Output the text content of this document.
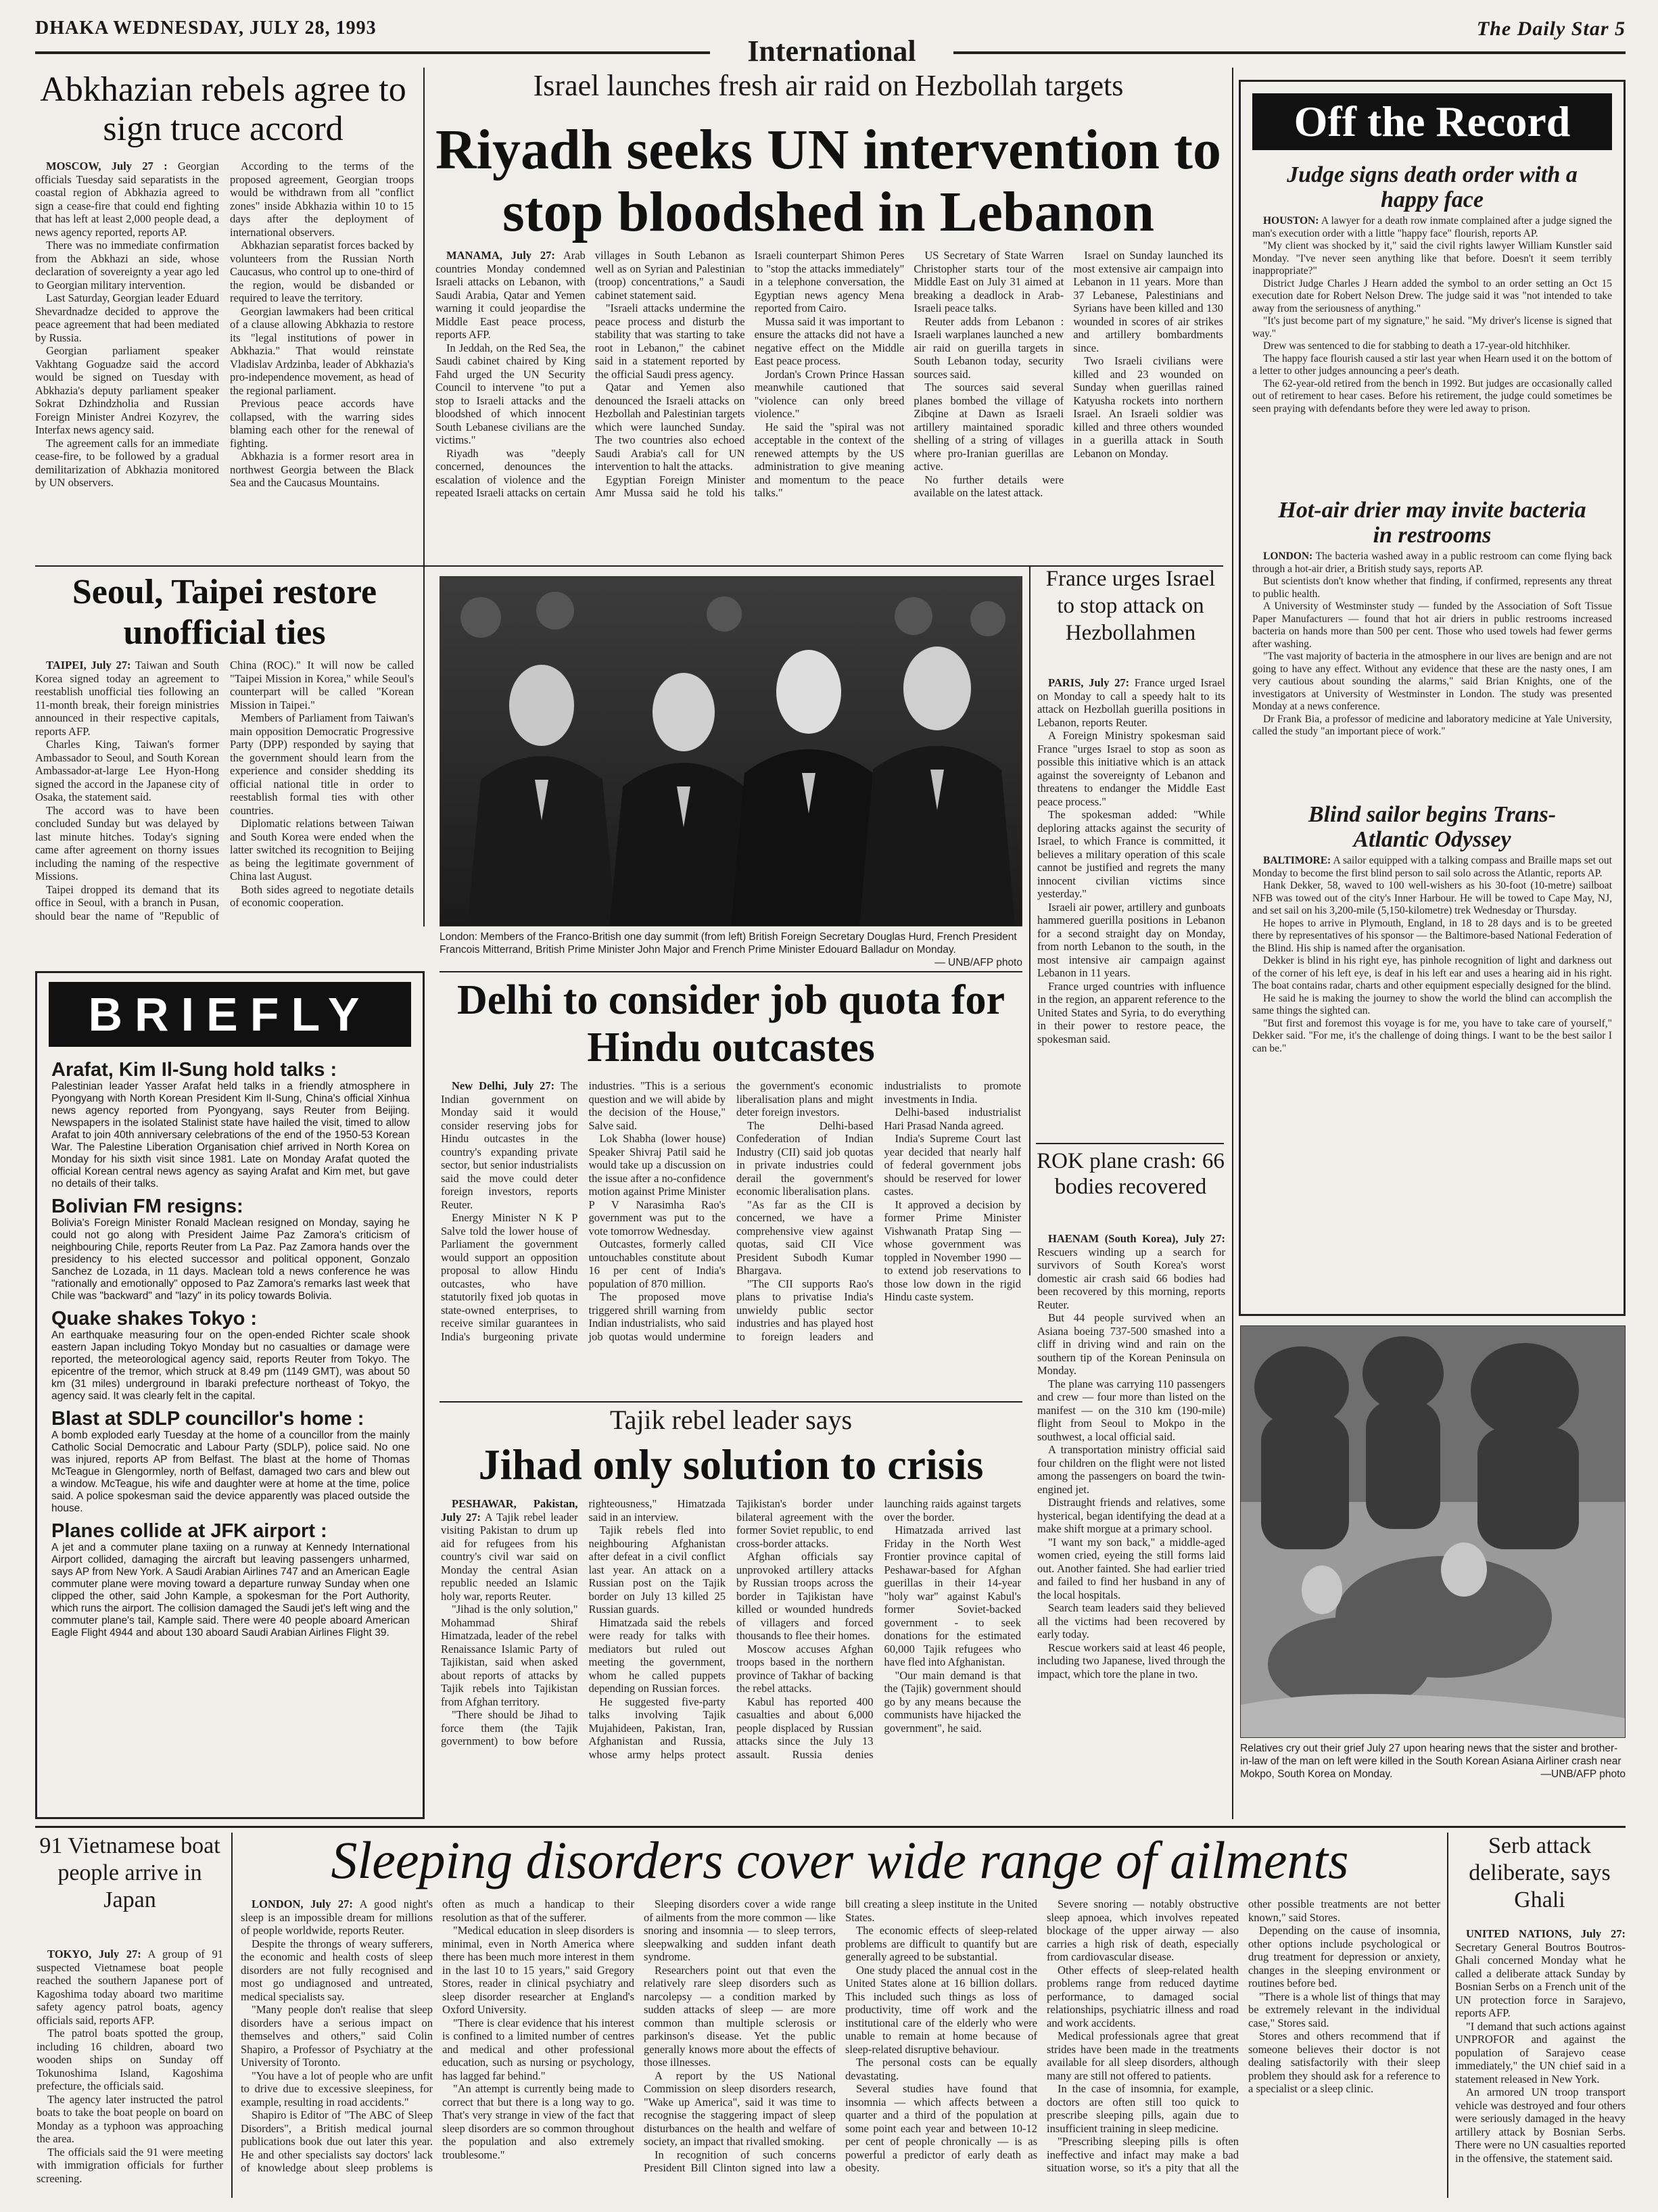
DHAKA WEDNESDAY, JULY 28, 1993
International
The Daily Star 5
Abkhazian rebels agree to sign truce accord

MOSCOW, July 27 : Georgian officials Tuesday said separatists in the coastal region of Abkhazia agreed to sign a cease-fire that could end fighting that has left at least 2,000 people dead, a news agency reported, reports AP.

There was no immediate confirmation from the Abkhazi an side, whose declaration of sovereignty a year ago led to Georgian military intervention.

Last Saturday, Georgian leader Eduard Shevardnadze decided to approve the peace agreement that had been mediated by Russia.

Georgian parliament speaker Vakhtang Goguadze said the accord would be signed on Tuesday with Abkhazia's deputy parliament speaker Sokrat Dzhindzholia and Russian Foreign Minister Andrei Kozyrev, the Interfax news agency said.

The agreement calls for an immediate cease-fire, to be followed by a gradual demilitarization of Abkhazia monitored by UN observers.

According to the terms of the proposed agreement, Georgian troops would be withdrawn from all "conflict zones" inside Abkhazia within 10 to 15 days after the deployment of international observers.

Abkhazian separatist forces backed by volunteers from the Russian North Caucasus, who control up to one-third of the region, would be disbanded or required to leave the territory.

Georgian lawmakers had been critical of a clause allowing Abkhazia to restore its "legal institutions of power in Abkhazia." That would reinstate Vladislav Ardzinba, leader of Abkhazia's pro-independence movement, as head of the regional parliament.

Previous peace accords have collapsed, with the warring sides blaming each other for the renewal of fighting.

Abkhazia is a former resort area in northwest Georgia between the Black Sea and the Caucasus Mountains.

Israel launches fresh air raid on Hezbollah targets
Riyadh seeks UN intervention to stop bloodshed in Lebanon

MANAMA, July 27: Arab countries Monday condemned Israeli attacks on Lebanon, with Saudi Arabia, Qatar and Yemen warning it could jeopardise the Middle East peace process, reports AFP.

In Jeddah, on the Red Sea, the Saudi cabinet chaired by King Fahd urged the UN Security Council to intervene "to put a stop to Israeli attacks and the bloodshed of which innocent South Lebanese civilians are the victims."

Riyadh was "deeply concerned, denounces the escalation of violence and the repeated Israeli attacks on certain villages in South Lebanon as well as on Syrian and Palestinian (troop) concentrations," a Saudi cabinet statement said.

"Israeli attacks undermine the peace process and disturb the stability that was starting to take root in Lebanon," the cabinet said in a statement reported by the official Saudi press agency.

Qatar and Yemen also denounced the Israeli attacks on Hezbollah and Palestinian targets which were launched Sunday. The two countries also echoed Saudi Arabia's call for UN intervention to halt the attacks.

Egyptian Foreign Minister Amr Mussa said he told his Israeli counterpart Shimon Peres to "stop the attacks immediately" in a telephone conversation, the Egyptian news agency Mena reported from Cairo.

Mussa said it was important to ensure the attacks did not have a negative effect on the Middle East peace process.

Jordan's Crown Prince Hassan meanwhile cautioned that "violence can only breed violence."

He said the "spiral was not acceptable in the context of the renewed attempts by the US administration to give meaning and momentum to the peace talks."

US Secretary of State Warren Christopher starts tour of the Middle East on July 31 aimed at breaking a deadlock in Arab-Israeli peace talks.

Reuter adds from Lebanon : Israeli warplanes launched a new air raid on guerilla targets in South Lebanon today, security sources said.

The sources said several planes bombed the village of Zibqine at Dawn as Israeli artillery maintained sporadic shelling of a string of villages where pro-Iranian guerillas are active.

No further details were available on the latest attack.

Israel on Sunday launched its most extensive air campaign into Lebanon in 11 years. More than 37 Lebanese, Palestinians and Syrians have been killed and 130 wounded in scores of air strikes and artillery bombardments since.

Two Israeli civilians were killed and 23 wounded on Sunday when guerillas rained Katyusha rockets into northern Israel. An Israeli soldier was killed and three others wounded in a guerilla attack in South Lebanon on Monday.

Off the Record
Judge signs death order with a happy face

HOUSTON: A lawyer for a death row inmate complained after a judge signed the man's execution order with a little "happy face" flourish, reports AP.

"My client was shocked by it," said the civil rights lawyer William Kunstler said Monday. "I've never seen anything like that before. Doesn't it seem terribly inappropriate?"

District Judge Charles J Hearn added the symbol to an order setting an Oct 15 execution date for Robert Nelson Drew. The judge said it was "not intended to take away from the seriousness of anything."

"It's just become part of my signature," he said. "My driver's license is signed that way."

Drew was sentenced to die for stabbing to death a 17-year-old hitchhiker.

The happy face flourish caused a stir last year when Hearn used it on the bottom of a letter to other judges announcing a peer's death.

The 62-year-old retired from the bench in 1992. But judges are occasionally called out of retirement to hear cases. Before his retirement, the judge could sometimes be seen praying with defendants before they were led away to prison.

Hot-air drier may invite bacteria in restrooms

LONDON: The bacteria washed away in a public restroom can come flying back through a hot-air drier, a British study says, reports AP.

But scientists don't know whether that finding, if confirmed, represents any threat to public health.

A University of Westminster study — funded by the Association of Soft Tissue Paper Manufacturers — found that hot air driers in public restrooms increased bacteria on hands more than 500 per cent. Those who used towels had fewer germs after washing.

"The vast majority of bacteria in the atmosphere in our lives are benign and are not going to have any effect. Without any evidence that these are the nasty ones, I am very cautious about sounding the alarms," said Brian Knights, one of the investigators at University of Westminster in London. The study was presented Monday at a news conference.

Dr Frank Bia, a professor of medicine and laboratory medicine at Yale University, called the study "an important piece of work."

Blind sailor begins Trans-Atlantic Odyssey

BALTIMORE: A sailor equipped with a talking compass and Braille maps set out Monday to become the first blind person to sail solo across the Atlantic, reports AP.

Hank Dekker, 58, waved to 100 well-wishers as his 30-foot (10-metre) sailboat NFB was towed out of the city's Inner Harbour. He will be towed to Cape May, NJ, and set sail on his 3,200-mile (5,150-kilometre) trek Wednesday or Thursday.

He hopes to arrive in Plymouth, England, in 18 to 28 days and is to be greeted there by representatives of his sponsor — the Baltimore-based National Federation of the Blind. His ship is named after the organisation.

Dekker is blind in his right eye, has pinhole recognition of light and darkness out of the corner of his left eye, is deaf in his left ear and uses a hearing aid in his right. The boat contains radar, charts and other equipment especially designed for the blind.

He said he is making the journey to show the world the blind can accomplish the same things the sighted can.

"But first and foremost this voyage is for me, you have to take care of yourself," Dekker said. "For me, it's the challenge of doing things. I want to be the best sailor I can be."

Seoul, Taipei restore unofficial ties

TAIPEI, July 27: Taiwan and South Korea signed today an agreement to reestablish unofficial ties following an 11-month break, their foreign ministries announced in their respective capitals, reports AFP.

Charles King, Taiwan's former Ambassador to Seoul, and South Korean Ambassador-at-large Lee Hyon-Hong signed the accord in the Japanese city of Osaka, the statement said.

The accord was to have been concluded Sunday but was delayed by last minute hitches. Today's signing came after agreement on thorny issues including the naming of the respective Missions.

Taipei dropped its demand that its office in Seoul, with a branch in Pusan, should bear the name of "Republic of China (ROC)." It will now be called "Taipei Mission in Korea," while Seoul's counterpart will be called "Korean Mission in Taipei."

Members of Parliament from Taiwan's main opposition Democratic Progressive Party (DPP) responded by saying that the government should learn from the experience and consider shedding its official national title in order to reestablish formal ties with other countries.

Diplomatic relations between Taiwan and South Korea were ended when the latter switched its recognition to Beijing as being the legitimate government of China last August.

Both sides agreed to negotiate details of economic cooperation.

London: Members of the Franco-British one day summit (from left) British Foreign Secretary Douglas Hurd, French President Francois Mitterrand, British Prime Minister John Major and French Prime Minister Edouard Balladur on Monday.
— UNB/AFP photo
France urges Israel to stop attack on Hezbollahmen

PARIS, July 27: France urged Israel on Monday to call a speedy halt to its attack on Hezbollah guerilla positions in Lebanon, reports Reuter.

A Foreign Ministry spokesman said France "urges Israel to stop as soon as possible this initiative which is an attack against the sovereignty of Lebanon and threatens to endanger the Middle East peace process."

The spokesman added: "While deploring attacks against the security of Israel, to which France is committed, it believes a military operation of this scale cannot be justified and regrets the many innocent civilian victims since yesterday."

Israeli air power, artillery and gunboats hammered guerilla positions in Lebanon for a second straight day on Monday, from north Lebanon to the south, in the most intensive air campaign against Lebanon in 11 years.

France urged countries with influence in the region, an apparent reference to the United States and Syria, to do everything in their power to restore peace, the spokesman said.

BRIEFLY
Arafat, Kim Il-Sung hold talks :
Palestinian leader Yasser Arafat held talks in a friendly atmosphere in Pyongyang with North Korean President Kim Il-Sung, China's official Xinhua news agency reported from Pyongyang, says Reuter from Beijing. Newspapers in the isolated Stalinist state have hailed the visit, timed to allow Arafat to join 40th anniversary celebrations of the end of the 1950-53 Korean War. The Palestine Liberation Organisation chief arrived in North Korea on Monday for his sixth visit since 1981. Late on Monday Arafat quoted the official Korean central news agency as saying Arafat and Kim met, but gave no details of their talks.
Bolivian FM resigns:
Bolivia's Foreign Minister Ronald Maclean resigned on Monday, saying he could not go along with President Jaime Paz Zamora's criticism of neighbouring Chile, reports Reuter from La Paz. Paz Zamora hands over the presidency to his elected successor and political opponent, Gonzalo Sanchez de Lozada, in 11 days. Maclean told a news conference he was "rationally and emotionally" opposed to Paz Zamora's remarks last week that Chile was "backward" and "lazy" in its policy towards Bolivia.
Quake shakes Tokyo :
An earthquake measuring four on the open-ended Richter scale shook eastern Japan including Tokyo Monday but no casualties or damage were reported, the meteorological agency said, reports Reuter from Tokyo. The epicentre of the tremor, which struck at 8.49 pm (1149 GMT), was about 50 km (31 miles) underground in Ibaraki prefecture northeast of Tokyo, the agency said. It was clearly felt in the capital.
Blast at SDLP councillor's home :
A bomb exploded early Tuesday at the home of a councillor from the mainly Catholic Social Democratic and Labour Party (SDLP), police said. No one was injured, reports AP from Belfast. The blast at the home of Thomas McTeague in Glengormley, north of Belfast, damaged two cars and blew out a window. McTeague, his wife and daughter were at home at the time, police said. A police spokesman said the device apparently was placed outside the house.
Planes collide at JFK airport :
A jet and a commuter plane taxiing on a runway at Kennedy International Airport collided, damaging the aircraft but leaving passengers unharmed, says AP from New York. A Saudi Arabian Airlines 747 and an American Eagle commuter plane were moving toward a departure runway Sunday when one clipped the other, said John Kample, a spokesman for the Port Authority, which runs the airport. The collision damaged the Saudi jet's left wing and the commuter plane's tail, Kample said. There were 40 people aboard American Eagle Flight 4944 and about 130 aboard Saudi Arabian Airlines Flight 39.
Delhi to consider job quota for Hindu outcastes

New Delhi, July 27: The Indian government on Monday said it would consider reserving jobs for Hindu outcastes in the country's expanding private sector, but senior industrialists said the move could deter foreign investors, reports Reuter.

Energy Minister N K P Salve told the lower house of Parliament the government would support an opposition proposal to allow Hindu outcastes, who have statutorily fixed job quotas in state-owned enterprises, to receive similar guarantees in India's burgeoning private industries. "This is a serious question and we will abide by the decision of the House," Salve said.

Lok Shabha (lower house) Speaker Shivraj Patil said he would take up a discussion on the issue after a no-confidence motion against Prime Minister P V Narasimha Rao's government was put to the vote tomorrow Wednesday.

Outcastes, formerly called untouchables constitute about 16 per cent of India's population of 870 million.

The proposed move triggered shrill warning from Indian industrialists, who said job quotas would undermine the government's economic liberalisation plans and might deter foreign investors.

The Delhi-based Confederation of Indian Industry (CII) said job quotas in private industries could derail the government's economic liberalisation plans.

"As far as the CII is concerned, we have a comprehensive view against quotas, said CII Vice President Subodh Kumar Bhargava.

"The CII supports Rao's plans to privatise India's unwieldy public sector industries and has played host to foreign leaders and industrialists to promote investments in India.

Delhi-based industrialist Hari Prasad Nanda agreed.

India's Supreme Court last year decided that nearly half of federal government jobs should be reserved for lower castes.

It approved a decision by former Prime Minister Vishwanath Pratap Sing — whose government was toppled in November 1990 — to extend job reservations to those low down in the rigid Hindu caste system.

ROK plane crash: 66 bodies recovered

HAENAM (South Korea), July 27: Rescuers winding up a search for survivors of South Korea's worst domestic air crash said 66 bodies had been recovered by this morning, reports Reuter.

But 44 people survived when an Asiana boeing 737-500 smashed into a cliff in driving wind and rain on the southern tip of the Korean Peninsula on Monday.

The plane was carrying 110 passengers and crew — four more than listed on the manifest — on the 310 km (190-mile) flight from Seoul to Mokpo in the southwest, a local official said.

A transportation ministry official said four children on the flight were not listed among the passengers on board the twin-engined jet.

Distraught friends and relatives, some hysterical, began identifying the dead at a make shift morgue at a primary school.

"I want my son back," a middle-aged women cried, eyeing the still forms laid out. Another fainted. She had earlier tried and failed to find her husband in any of the local hospitals.

Search team leaders said they believed all the victims had been recovered by early today.

Rescue workers said at least 46 people, including two Japanese, lived through the impact, which tore the plane in two.

Relatives cry out their grief July 27 upon hearing news that the sister and brother-in-law of the man on left were killed in the South Korean Asiana Airliner crash near Mokpo, South Korea on Monday.	—UNB/AFP photo
Tajik rebel leader says
Jihad only solution to crisis

PESHAWAR, Pakistan, July 27: A Tajik rebel leader visiting Pakistan to drum up aid for refugees from his country's civil war said on Monday the central Asian republic needed an Islamic holy war, reports Reuter.

"Jihad is the only solution," Mohammad Shiraf Himatzada, leader of the rebel Renaissance Islamic Party of Tajikistan, said when asked about reports of attacks by Tajik rebels into Tajikistan from Afghan territory.

"There should be Jihad to force them (the Tajik government) to bow before righteousness," Himatzada said in an interview.

Tajik rebels fled into neighbouring Afghanistan after defeat in a civil conflict last year. An attack on a Russian post on the Tajik border on July 13 killed 25 Russian guards.

Himatzada said the rebels were ready for talks with mediators but ruled out meeting the government, whom he called puppets depending on Russian forces.

He suggested five-party talks involving Tajik Mujahideen, Pakistan, Iran, Afghanistan and Russia, whose army helps protect Tajikistan's border under bilateral agreement with the former Soviet republic, to end cross-border attacks.

Afghan officials say unprovoked artillery attacks by Russian troops across the border in Tajikistan have killed or wounded hundreds of villagers and forced thousands to flee their homes.

Moscow accuses Afghan troops based in the northern province of Takhar of backing the rebel attacks.

Kabul has reported 400 casualties and about 6,000 people displaced by Russian attacks since the July 13 assault. Russia denies launching raids against targets over the border.

Himatzada arrived last Friday in the North West Frontier province capital of Peshawar-based for Afghan guerillas in their 14-year "holy war" against Kabul's former Soviet-backed government - to seek donations for the estimated 60,000 Tajik refugees who have fled into Afghanistan.

"Our main demand is that the (Tajik) government should go by any means because the communists have hijacked the government", he said.

91 Vietnamese boat people arrive in Japan

TOKYO, July 27: A group of 91 suspected Vietnamese boat people reached the southern Japanese port of Kagoshima today aboard two maritime safety agency patrol boats, agency officials said, reports AFP.

The patrol boats spotted the group, including 16 children, aboard two wooden ships on Sunday off Tokunoshima Island, Kagoshima prefecture, the officials said.

The agency later instructed the patrol boats to take the boat people on board on Monday as a typhoon was approaching the area.

The officials said the 91 were meeting with immigration officials for further screening.

Sleeping disorders cover wide range of ailments

LONDON, July 27: A good night's sleep is an impossible dream for millions of people worldwide, reports Reuter.

Despite the throngs of weary sufferers, the economic and health costs of sleep disorders are not fully recognised and most go undiagnosed and untreated, medical specialists say.

"Many people don't realise that sleep disorders have a serious impact on themselves and others," said Colin Shapiro, a Professor of Psychiatry at the University of Toronto.

"You have a lot of people who are unfit to drive due to excessive sleepiness, for example, resulting in road accidents."

Shapiro is Editor of "The ABC of Sleep Disorders", a British medical journal publications book due out later this year. He and other specialists say doctors' lack of knowledge about sleep problems is often as much a handicap to their resolution as that of the sufferer.

"Medical education in sleep disorders is minimal, even in North America where there has been much more interest in them in the last 10 to 15 years," said Gregory Stores, reader in clinical psychiatry and sleep disorder researcher at England's Oxford University.

"There is clear evidence that his interest is confined to a limited number of centres and medical and other professional education, such as nursing or psychology, has lagged far behind."

"An attempt is currently being made to correct that but there is a long way to go. That's very strange in view of the fact that sleep disorders are so common throughout the population and also extremely troublesome."

Sleeping disorders cover a wide range of ailments from the more common — like snoring and insomnia — to sleep terrors, sleepwalking and sudden infant death syndrome.

Researchers point out that even the relatively rare sleep disorders such as narcolepsy — a condition marked by sudden attacks of sleep — are more common than multiple sclerosis or parkinson's disease. Yet the public generally knows more about the effects of those illnesses.

A report by the US National Commission on sleep disorders research, "Wake up America", said it was time to recognise the staggering impact of sleep disturbances on the health and welfare of society, an impact that rivalled smoking.

In recognition of such concerns President Bill Clinton signed into law a bill creating a sleep institute in the United States.

The economic effects of sleep-related problems are difficult to quantify but are generally agreed to be substantial.

One study placed the annual cost in the United States alone at 16 billion dollars. This included such things as loss of productivity, time off work and the institutional care of the elderly who were unable to remain at home because of sleep-related disruptive behaviour.

The personal costs can be equally devastating.

Several studies have found that insomnia — which affects between a quarter and a third of the population at some point each year and between 10-12 per cent of people chronically — is as powerful a predictor of early death as obesity.

Severe snoring — notably obstructive sleep apnoea, which involves repeated blockage of the upper airway — also carries a high risk of death, especially from cardiovascular disease.

Other effects of sleep-related health problems range from reduced daytime performance, to damaged social relationships, psychiatric illness and road and work accidents.

Medical professionals agree that great strides have been made in the treatments available for all sleep disorders, although many are still not offered to patients.

In the case of insomnia, for example, doctors are often still too quick to prescribe sleeping pills, again due to insufficient training in sleep medicine.

"Prescribing sleeping pills is often ineffective and infact may make a bad situation worse, so it's a pity that all the other possible treatments are not better known," said Stores.

Depending on the cause of insomnia, other options include psychological or drug treatment for depression or anxiety, changes in the sleeping environment or routines before bed.

"There is a whole list of things that may be extremely relevant in the individual case," Stores said.

Stores and others recommend that if someone believes their doctor is not dealing satisfactorily with their sleep problem they should ask for a reference to a specialist or a sleep clinic.

Serb attack deliberate, says Ghali

UNITED NATIONS, July 27: Secretary General Boutros Boutros-Ghali concerned Monday what he called a deliberate attack Sunday by Bosnian Serbs on a French unit of the UN protection force in Sarajevo, reports AFP.

"I demand that such actions against UNPROFOR and against the population of Sarajevo cease immediately," the UN chief said in a statement released in New York.

An armored UN troop transport vehicle was destroyed and four others were seriously damaged in the heavy artillery attack by Bosnian Serbs. There were no UN casualties reported in the offensive, the statement said.
